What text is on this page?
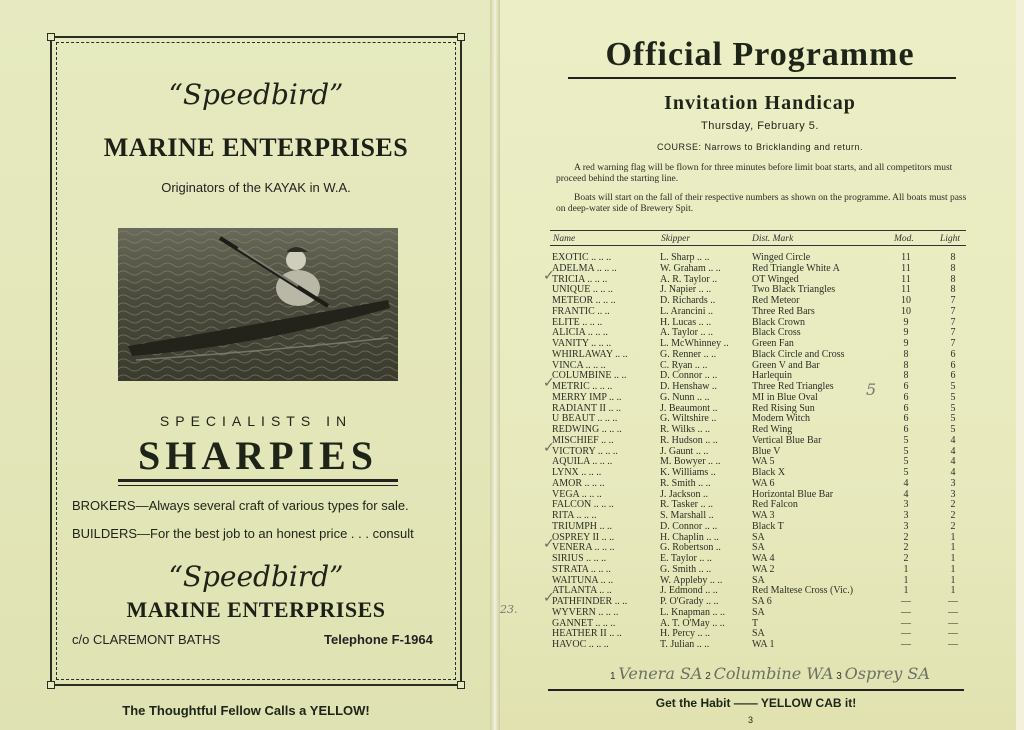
“Speedbird”
MARINE ENTERPRISES
Originators of the KAYAK in W.A.
SPECIALISTS IN
SHARPIES
BROKERS—Always several craft of various types for sale.
BUILDERS—For the best job to an honest price . . . consult
“Speedbird”
MARINE ENTERPRISES
c/o CLAREMONT BATHS	Telephone F-1964
The Thoughtful Fellow Calls a YELLOW!
Official Programme
Invitation Handicap
Thursday, February 5.
COURSE: Narrows to Bricklanding and return.
A red warning flag will be flown for three minutes before limit boat starts, and all competitors must proceed behind the starting line.
Boats will start on the fall of their respective numbers as shown on the programme. All boats must pass on deep-water side of Brewery Spit.
Name	Skipper	Dist. Mark	Mod.	Light
EXOTIC .. .. ..	L. Sharp .. ..	Winged Circle	11	8
ADELMA .. .. ..	W. Graham .. ..	Red Triangle White A	11	8
TRICIA .. .. ..	A. R. Taylor ..	OT Winged	11	8
UNIQUE .. .. ..	J. Napier .. ..	Two Black Triangles	11	8
METEOR .. .. ..	D. Richards ..	Red Meteor	10	7
FRANTIC .. ..	L. Arancini ..	Three Red Bars	10	7
ELITE .. .. ..	H. Lucas .. ..	Black Crown	9	7
ALICIA .. .. ..	A. Taylor .. ..	Black Cross	9	7
VANITY .. .. ..	L. McWhinney ..	Green Fan	9	7
WHIRLAWAY .. ..	G. Renner .. ..	Black Circle and Cross	8	6
VINCA .. .. ..	C. Ryan .. ..	Green V and Bar	8	6
COLUMBINE .. ..	D. Connor .. ..	Harlequin	8	6
METRIC .. .. ..	D. Henshaw ..	Three Red Triangles	6	5
MERRY IMP .. ..	G. Nunn .. ..	MI in Blue Oval	6	5
RADIANT II .. ..	J. Beaumont ..	Red Rising Sun	6	5
U BEAUT .. .. ..	G. Wiltshire ..	Modern Witch	6	5
REDWING .. .. ..	R. Wilks .. ..	Red Wing	6	5
MISCHIEF .. ..	R. Hudson .. ..	Vertical Blue Bar	5	4
VICTORY .. .. ..	J. Gaunt .. ..	Blue V	5	4
AQUILA .. .. ..	M. Bowyer .. ..	WA 5	5	4
LYNX .. .. ..	K. Williams ..	Black X	5	4
AMOR .. .. ..	R. Smith .. ..	WA 6	4	3
VEGA .. .. ..	J. Jackson ..	Horizontal Blue Bar	4	3
FALCON .. .. ..	R. Tasker .. ..	Red Falcon	3	2
RITA .. .. ..	S. Marshall ..	WA 3	3	2
TRIUMPH .. ..	D. Connor .. ..	Black T	3	2
OSPREY II .. ..	H. Chaplin .. ..	SA	2	1
VENERA .. .. ..	G. Robertson ..	SA	2	1
SIRIUS .. .. ..	E. Taylor .. ..	WA 4	2	1
STRATA .. .. ..	G. Smith .. ..	WA 2	1	1
WAITUNA .. ..	W. Appleby .. ..	SA	1	1
ATLANTA .. ..	J. Edmond .. ..	Red Maltese Cross (Vic.)	1	1
PATHFINDER .. ..	P. O'Grady .. ..	SA 6	—	—
WYVERN .. .. ..	L. Knapman .. ..	SA	—	—
GANNET .. .. ..	A. T. O'May .. ..	T	—	—
HEATHER II .. ..	H. Percy .. ..	SA	—	—
HAVOC .. .. ..	T. Julian .. ..	WA 1	—	—
✓
✓
✓
✓
✓
5
23.
1 Venera SA 2 Columbine WA 3 Osprey SA
Get the Habit —— YELLOW CAB it!
3
